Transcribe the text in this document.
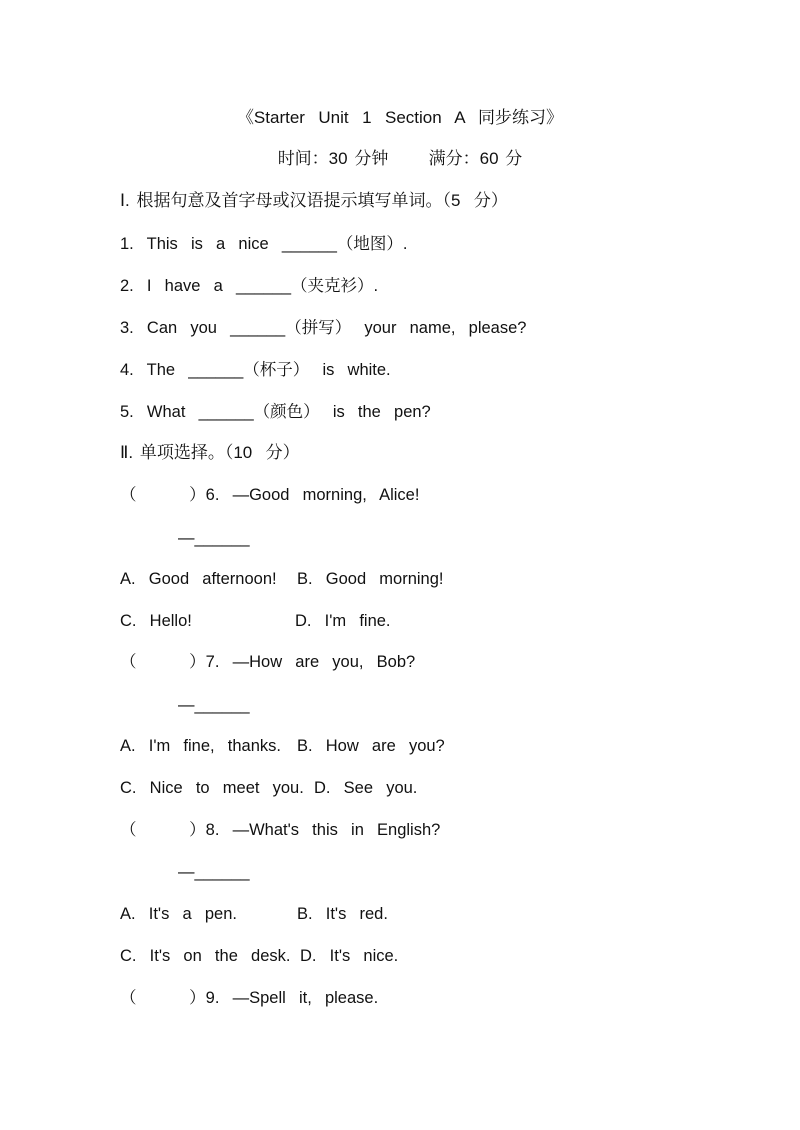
《Starter  Unit  1  Section  A  同步练习》
时间：30 分钟      满分：60 分
Ⅰ. 根据句意及首字母或汉语提示填写单词。（5  分）
1.  This  is  a  nice  ______（地图）.
2.  I  have  a  ______（夹克衫）.
3.  Can  you  ______（拼写）  your  name,  please?
4.  The  ______（杯子）  is  white.
5.  What  ______（颜色）  is  the  pen?
Ⅱ. 单项选择。（10  分）
（        ）6.  —Good  morning,  Alice!
—______
A.  Good  afternoon! B.  Good  morning!
C.  Hello!	D.  I'm  fine.
（        ）7.  —How  are  you,  Bob?
—______
A.  I'm  fine,  thanks. B.  How  are  you?
C.  Nice  to  meet  you. D.  See  you.
（        ）8.  —What's  this  in  English?
—______
A.  It's  a  pen.	B.  It's  red.
C.  It's  on  the  desk. D.  It's  nice.
（        ）9.  —Spell  it,  please.
